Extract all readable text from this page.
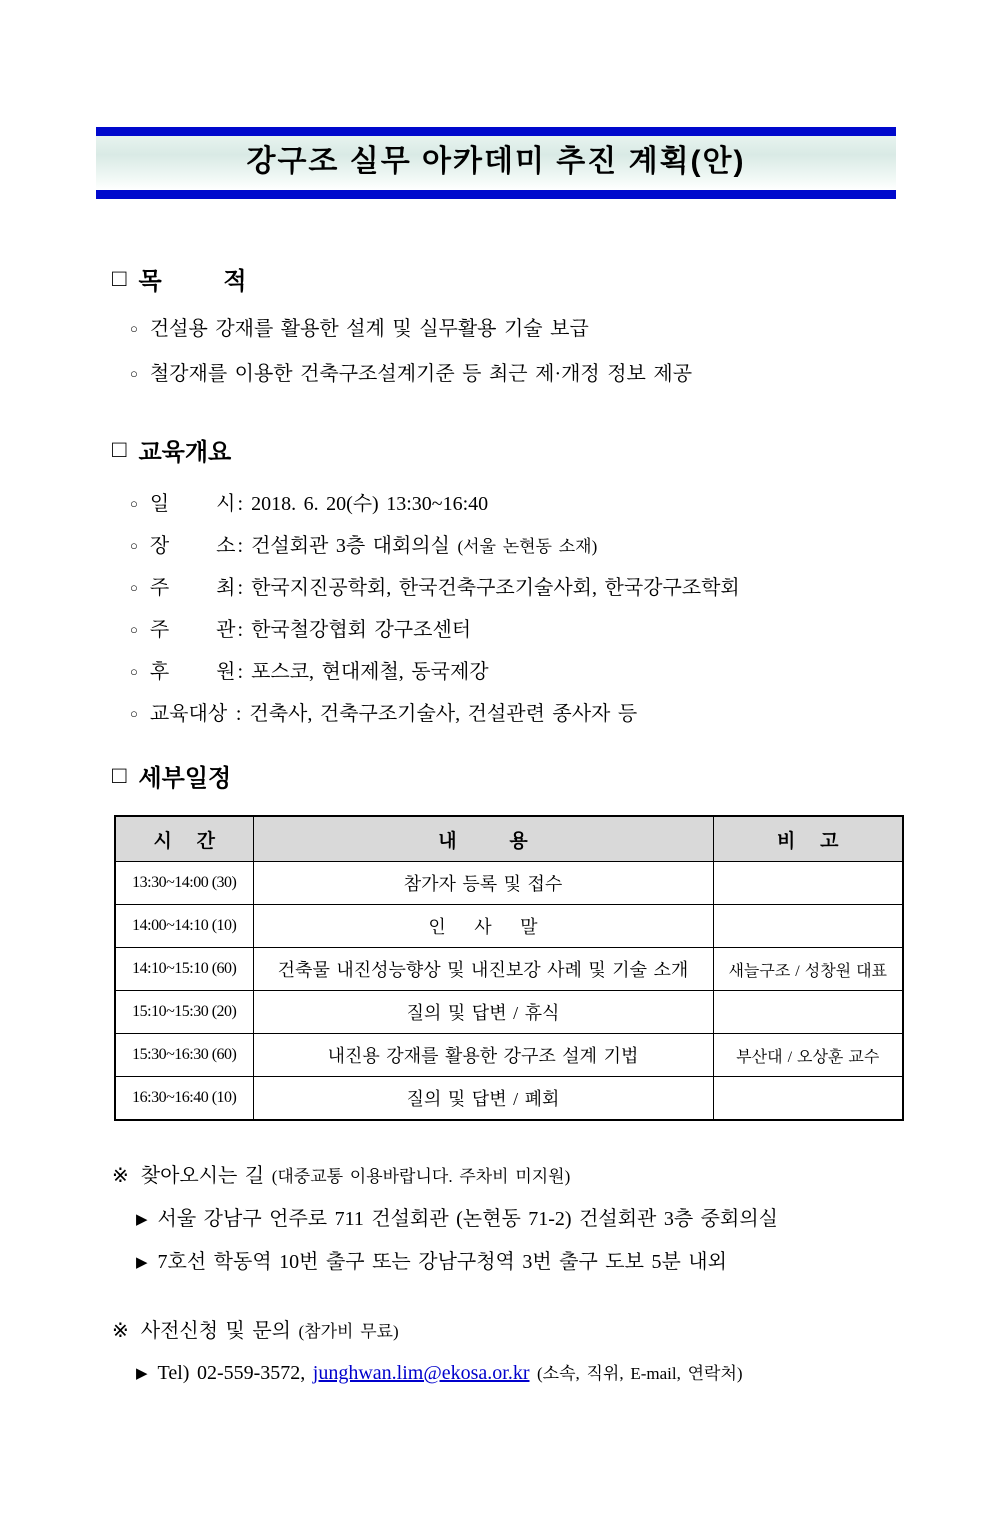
강구조 실무 아카데미 추진 계획(안)
□ 목 적
○ 건설용 강재를 활용한 설계 및 실무활용 기술 보급
○ 철강재를 이용한 건축구조설계기준 등 최근 제·개정 정보 제공
□ 교육개요
○ 일 시 : 2018. 6. 20(수) 13:30~16:40
○ 장 소 : 건설회관 3층 대회의실 (서울 논현동 소재)
○ 주 최 : 한국지진공학회, 한국건축구조기술사회, 한국강구조학회
○ 주 관 : 한국철강협회 강구조센터
○ 후 원 : 포스코, 현대제철, 동국제강
○ 교육대상 : 건축사, 건축구조기술사, 건설관련 종사자 등
□ 세부일정
시 간	내 용	비 고
13:30~14:00 (30)	참가자 등록 및 접수	
14:00~14:10 (10)	인 사 말	
14:10~15:10 (60)	건축물 내진성능향상 및 내진보강 사례 및 기술 소개	새늘구조 / 성창원 대표
15:10~15:30 (20)	질의 및 답변 / 휴식	
15:30~16:30 (60)	내진용 강재를 활용한 강구조 설계 기법	부산대 / 오상훈 교수
16:30~16:40 (10)	질의 및 답변 / 폐회	
※ 찾아오시는 길 (대중교통 이용바랍니다. 주차비 미지원)
▶ 서울 강남구 언주로 711 건설회관 (논현동 71-2) 건설회관 3층 중회의실
▶ 7호선 학동역 10번 출구 또는 강남구청역 3번 출구 도보 5분 내외
※ 사전신청 및 문의 (참가비 무료)
▶ Tel) 02-559-3572, junghwan.lim@ekosa.or.kr (소속, 직위, E-mail, 연락처)
